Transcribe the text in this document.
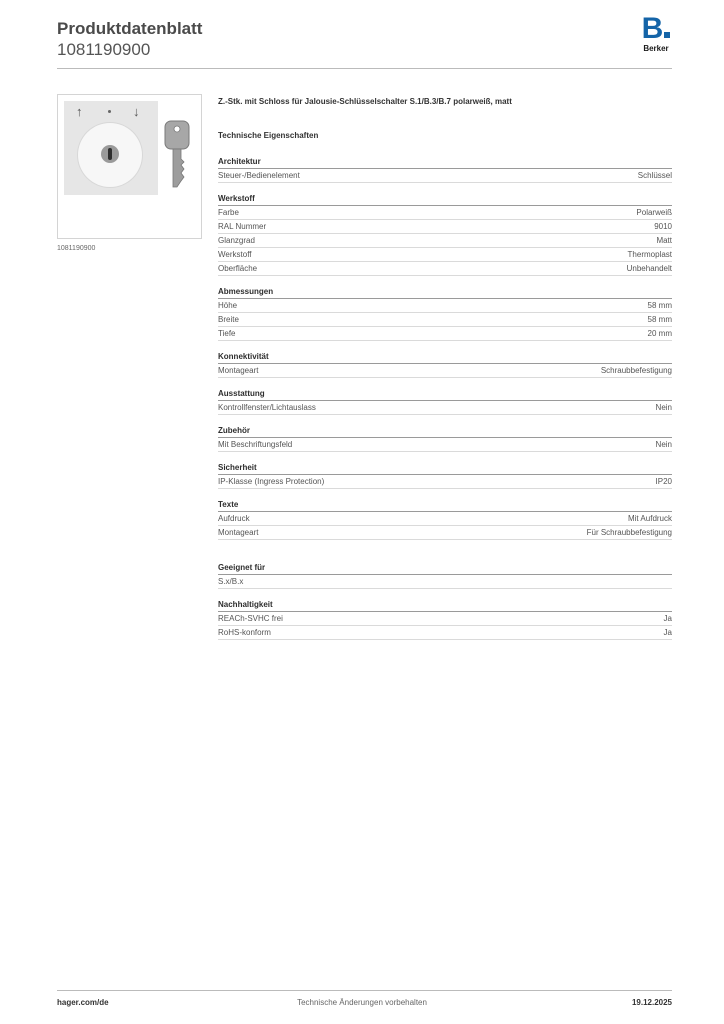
Produktdatenblatt
1081190900
B
Berker
↑	↓
1081190900
Z.-Stk. mit Schloss für Jalousie-Schlüsselschalter S.1/B.3/B.7 polarweiß, matt
Technische Eigenschaften
Architektur
Steuer-/Bedienelement	Schlüssel
Werkstoff
Farbe	Polarweiß
RAL Nummer	9010
Glanzgrad	Matt
Werkstoff	Thermoplast
Oberfläche	Unbehandelt
Abmessungen
Höhe	58 mm
Breite	58 mm
Tiefe	20 mm
Konnektivität
Montageart	Schraubbefestigung
Ausstattung
Kontrollfenster/Lichtauslass	Nein
Zubehör
Mit Beschriftungsfeld	Nein
Sicherheit
IP-Klasse (Ingress Protection)	IP20
Texte
Aufdruck	Mit Aufdruck
Montageart	Für Schraubbefestigung
Geeignet für
S.x/B.x
Nachhaltigkeit
REACh-SVHC frei	Ja
RoHS-konform	Ja
hager.com/de	Technische Änderungen vorbehalten	19.12.2025
